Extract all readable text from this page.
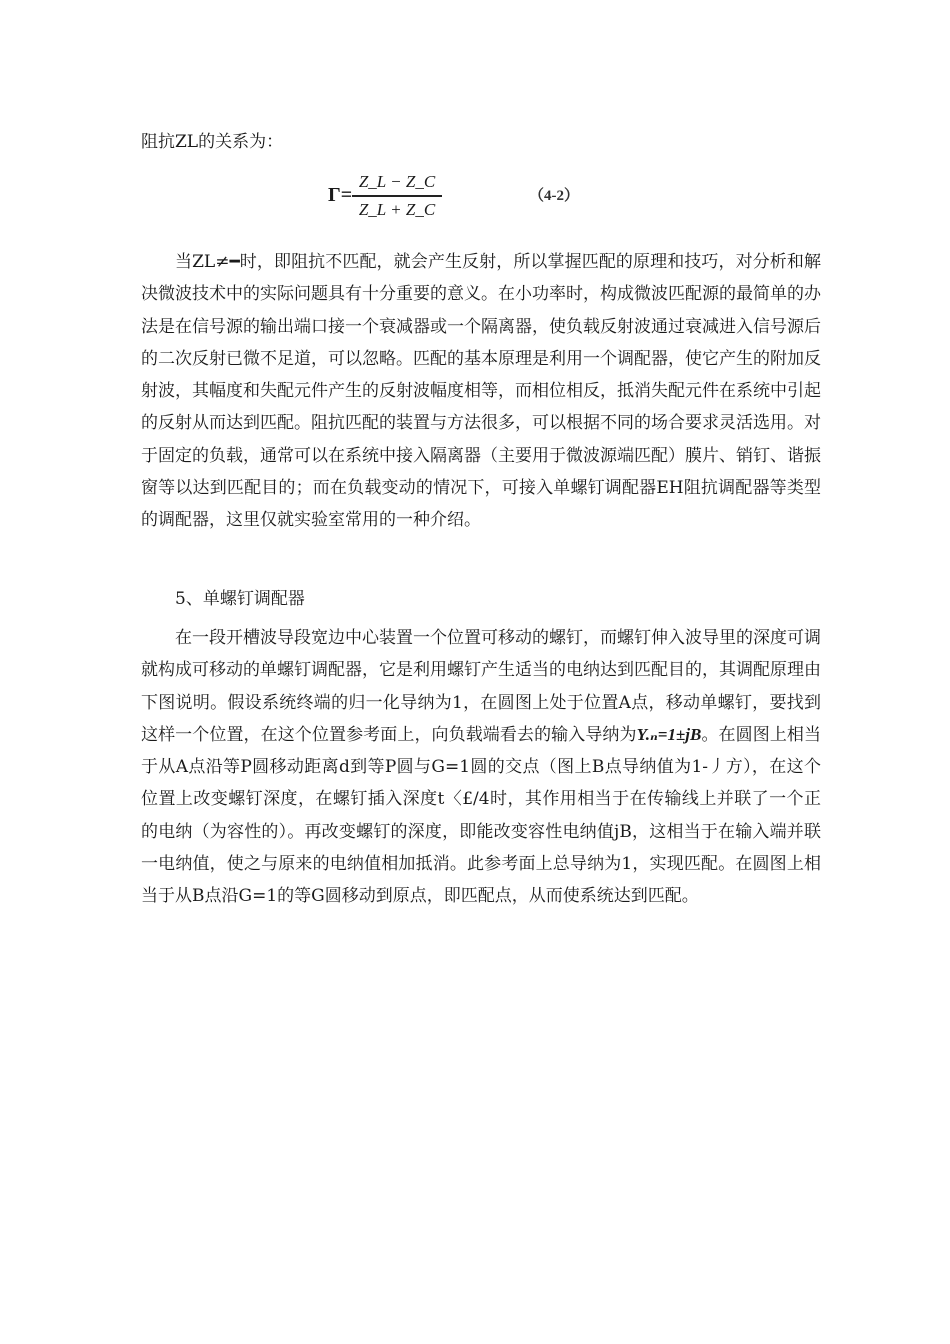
阻抗ZⅬ的关系为：
Γ=
Z_L − Z_C
Z_L + Z_C
（4-2）

当ZⅬ≠━时，即阻抗不匹配，就会产生反射，所以掌握匹配的原理和技巧，对分析和解决微波技术中的实际问题具有十分重要的意义。在小功率时，构成微波匹配源的最简单的办法是在信号源的输出端口接一个衰减器或一个隔离器，使负载反射波通过衰减进入信号源后的二次反射已微不足道，可以忽略。匹配的基本原理是利用一个调配器，使它产生的附加反射波，其幅度和失配元件产生的反射波幅度相等，而相位相反，抵消失配元件在系统中引起的反射从而达到匹配。阻抗匹配的装置与方法很多，可以根据不同的场合要求灵活选用。对于固定的负载，通常可以在系统中接入隔离器（主要用于微波源端匹配）膜片、销钉、谐振窗等以达到匹配目的；而在负载变动的情况下，可接入单螺钉调配器EH阻抗调配器等类型的调配器，这里仅就实验室常用的一种介绍。

5、单螺钉调配器

在一段开槽波导段宽边中心装置一个位置可移动的螺钉，而螺钉伸入波导里的深度可调就构成可移动的单螺钉调配器，它是利用螺钉产生适当的电纳达到匹配目的，其调配原理由下图说明。假设系统终端的归一化导纳为1，在圆图上处于位置A点，移动单螺钉，要找到这样一个位置，在这个位置参考面上，向负载端看去的输入导纳为Y.ₙ=1±jB。在圆图上相当于从A点沿等P圆移动距离d到等P圆与G=1圆的交点（图上B点导纳值为1-丿方），在这个位置上改变螺钉深度，在螺钉插入深度t〈£/4时，其作用相当于在传输线上并联了一个正的电纳（为容性的）。再改变螺钉的深度，即能改变容性电纳值jB，这相当于在输入端并联一电纳值，使之与原来的电纳值相加抵消。此参考面上总导纳为1，实现匹配。在圆图上相当于从B点沿G=1的等G圆移动到原点，即匹配点，从而使系统达到匹配。
